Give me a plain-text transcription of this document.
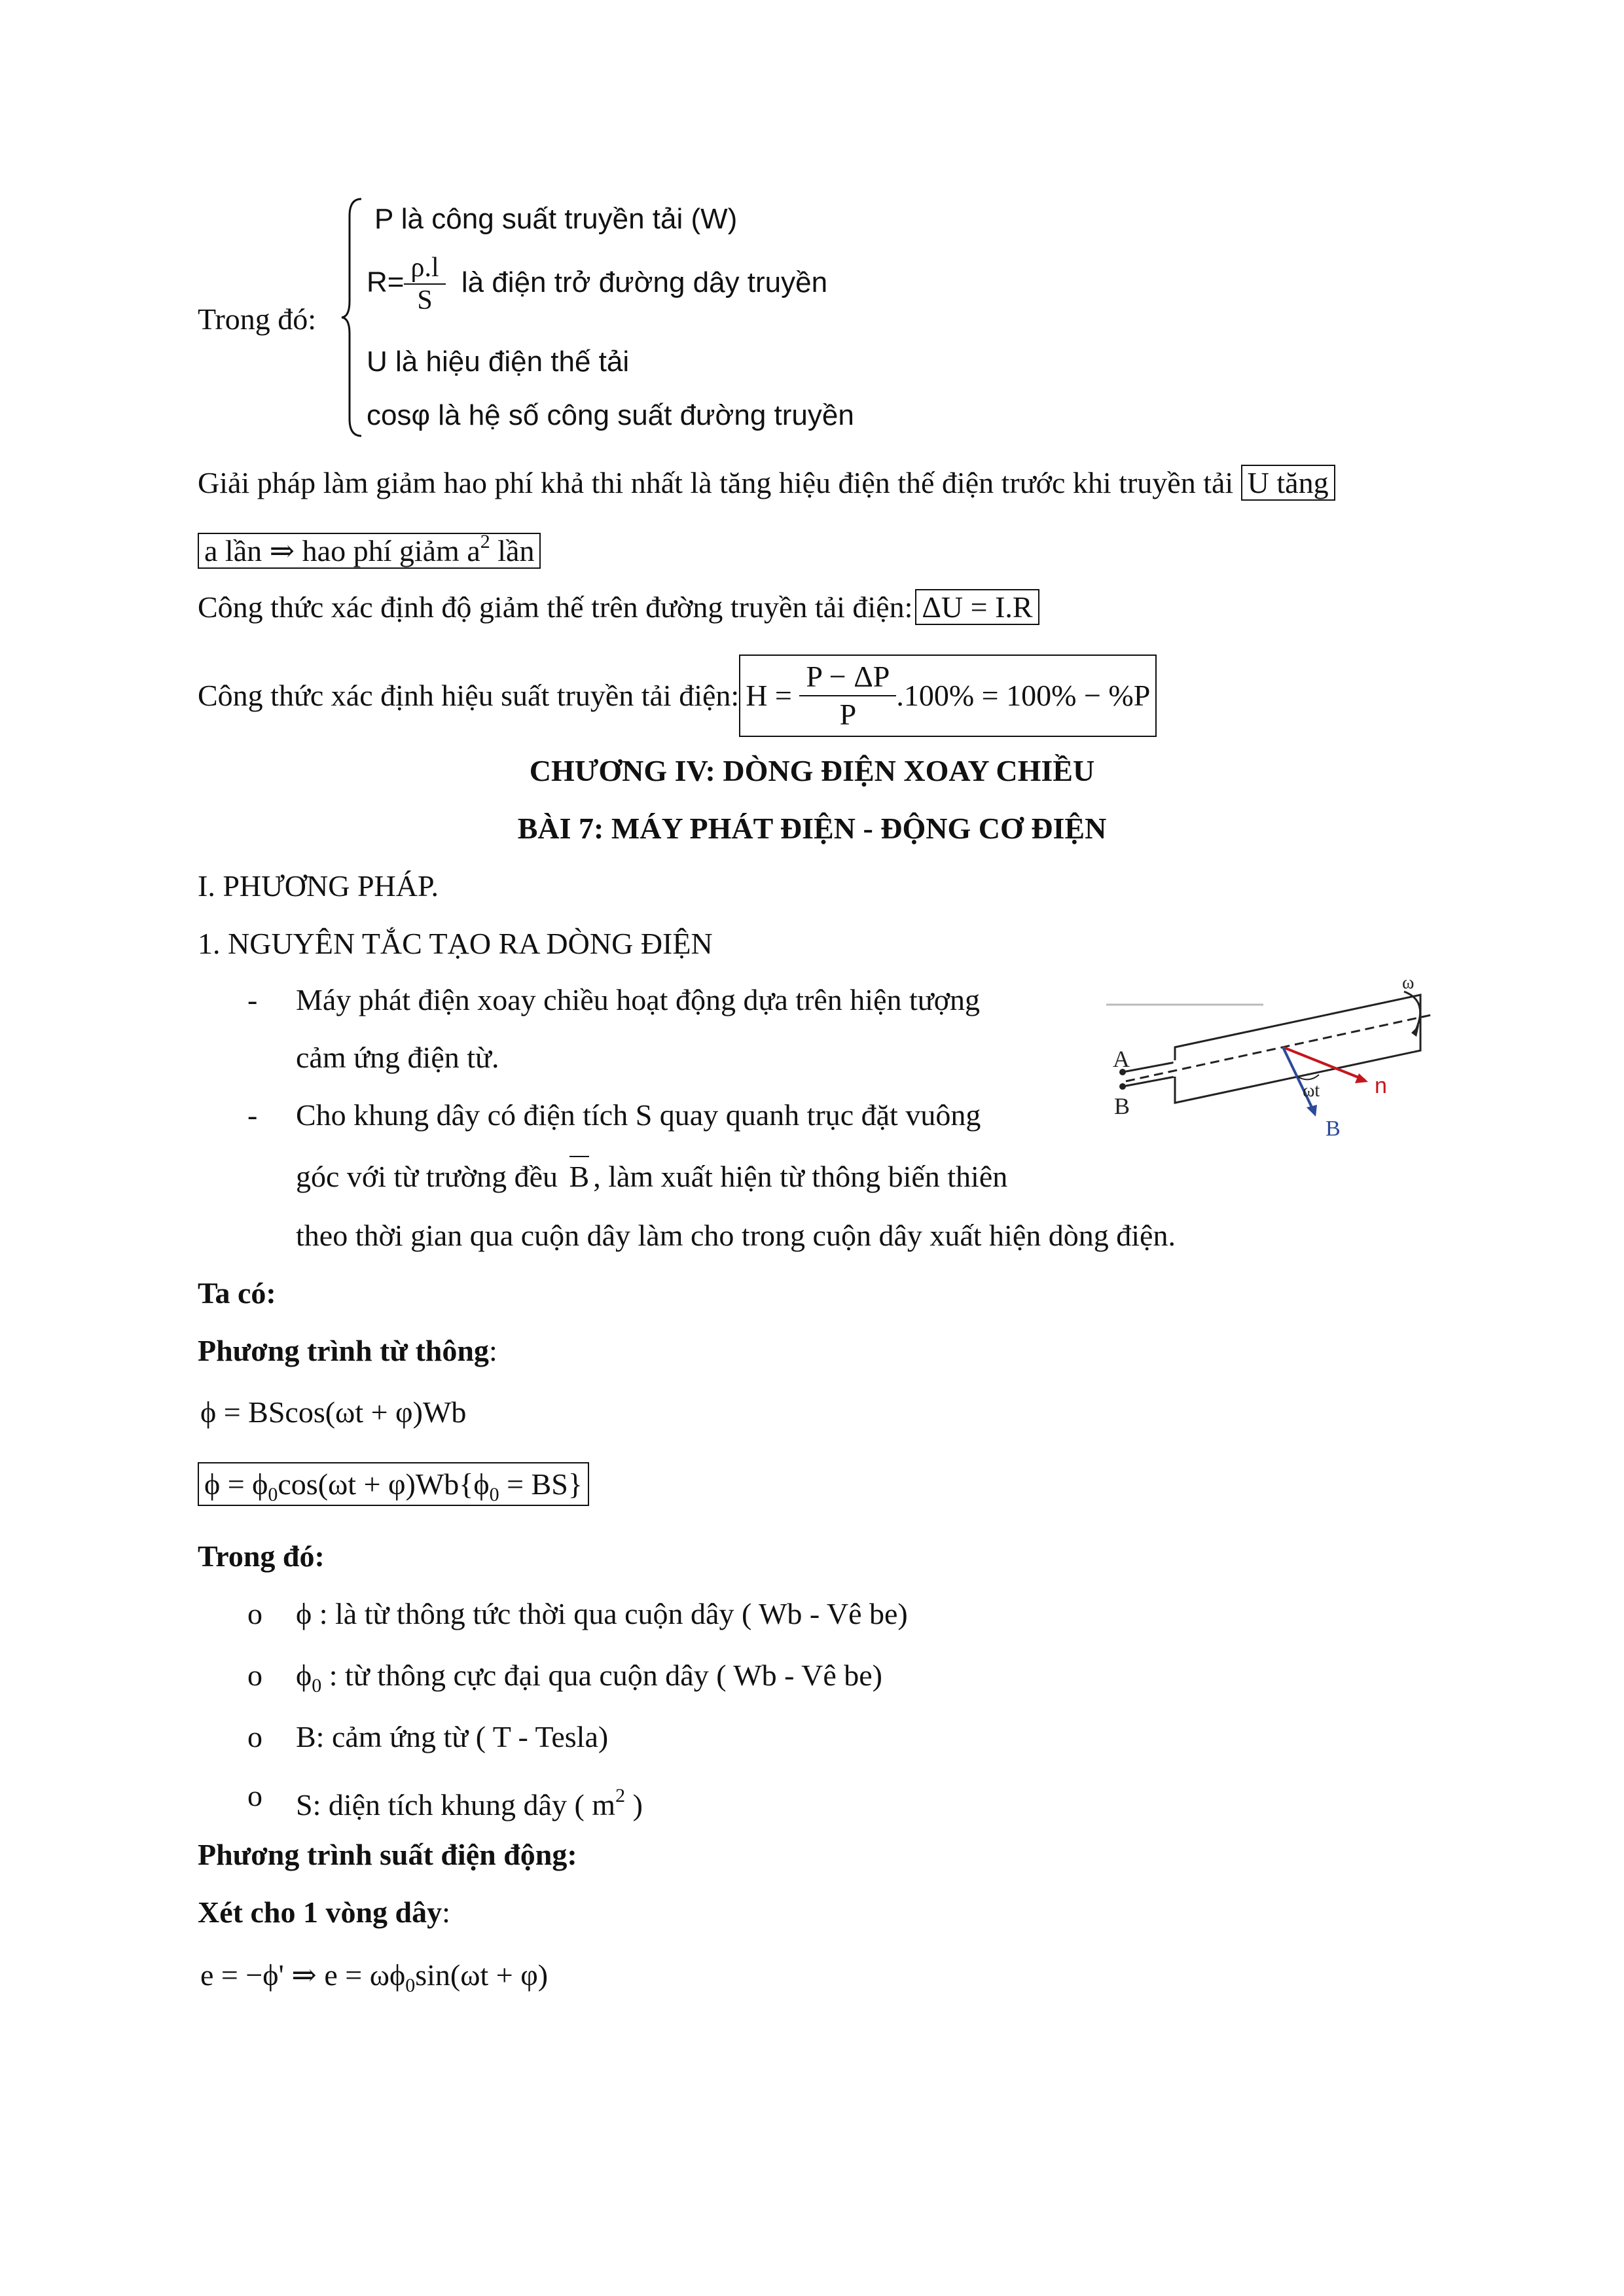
Trong đó:
P là công suất truyền tải (W)
$R= \frac{\rho.l}{S}$ là điện trở đường dây truyền
U là hiệu điện thế tải
cosφ là hệ số công suất đường truyền
Giải pháp làm giảm hao phí khả thi nhất là tăng hiệu điện thế điện trước khi truyền tải U tăng
a lần ⇒ hao phí giảm $a^2$ lần
Công thức xác định độ giảm thế trên đường truyền tải điện: ΔU = I.R
Công thức xác định hiệu suất truyền tải điện: $H = \frac{P - \Delta P}{P} .100\% = 100\% - \%P$
CHƯƠNG IV: DÒNG ĐIỆN XOAY CHIỀU
BÀI 7: MÁY PHÁT ĐIỆN - ĐỘNG CƠ ĐIỆN
I. PHƯƠNG PHÁP.
1. NGUYÊN TẮC TẠO RA DÒNG ĐIỆN
- Máy phát điện xoay chiều hoạt động dựa trên hiện tượng
cảm ứng điện từ.
- Cho khung dây có điện tích S quay quanh trục đặt vuông
góc với từ trường đều B , làm xuất hiện từ thông biến thiên
theo thời gian qua cuộn dây làm cho trong cuộn dây xuất hiện dòng điện.
A
B
n
ωt
B
ω
Ta có:
Phương trình từ thông:
ϕ = BScos(ωt + φ)Wb
$\phi = \phi_0\cos(\omega t + \varphi)Wb\{\phi_0 = BS\}$
Trong đó:
o ϕ : là từ thông tức thời qua cuộn dây ( Wb - Vê be)
o $\phi_0$ : từ thông cực đại qua cuộn dây ( Wb - Vê be)
o B: cảm ứng từ ( T - Tesla)
o S: diện tích khung dây ( $m^2$ )
Phương trình suất điện động:
Xét cho 1 vòng dây:
e = −ϕ' ⇒ $e = \omega\phi_0\sin(\omega t + \varphi)$
